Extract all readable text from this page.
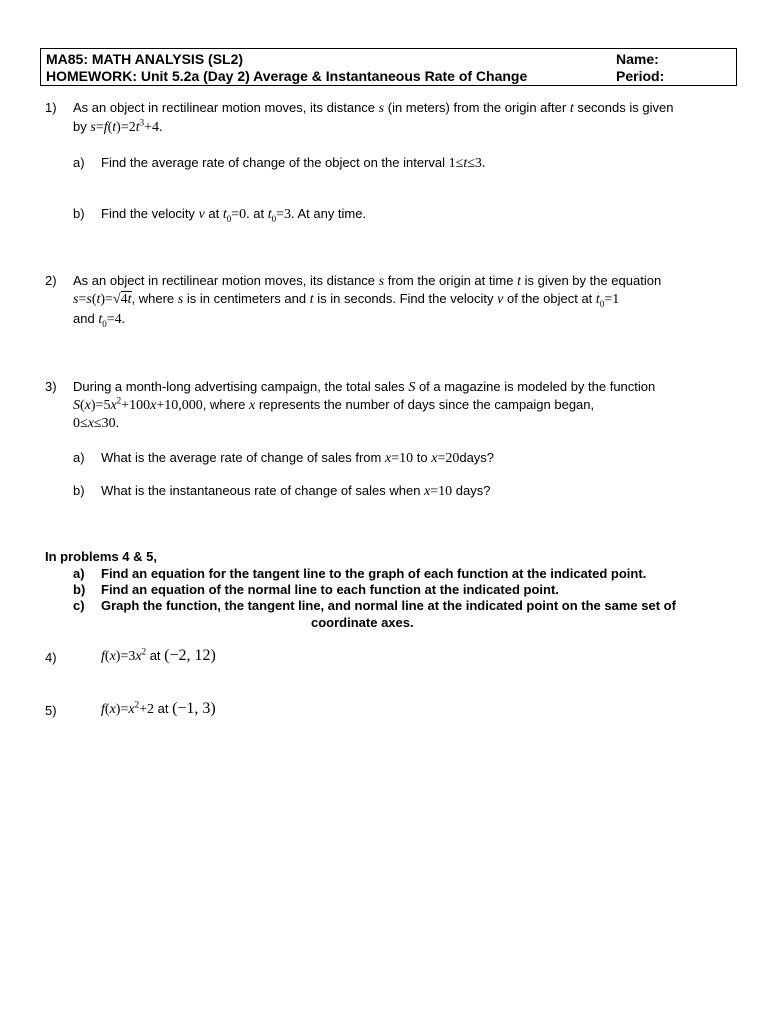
MA85: MATH ANALYSIS (SL2)
HOMEWORK: Unit 5.2a (Day 2) Average & Instantaneous Rate of Change
Name:
Period:
1) As an object in rectilinear motion moves, its distance s (in meters) from the origin after t seconds is given
by $s=f(t)=2t^3+4$.
a) Find the average rate of change of the object on the interval 1≤t≤3.
b) Find the velocity v at $t_0=0$. at $t_0=3$. At any time.
2) As an object in rectilinear motion moves, its distance s from the origin at time t is given by the equation
s=s(t)=√4t, where s is in centimeters and t is in seconds. Find the velocity v of the object at $t_0=1$
and $t_0=4$.
3) During a month-long advertising campaign, the total sales S of a magazine is modeled by the function
$S(x)=5x^2+100x+10,000$, where x represents the number of days since the campaign began,
0≤x≤30.
a) What is the average rate of change of sales from x=10 to x=20days?
b) What is the instantaneous rate of change of sales when x=10 days?
In problems 4 & 5,
a) Find an equation for the tangent line to the graph of each function at the indicated point.
b) Find an equation of the normal line to each function at the indicated point.
c) Graph the function, the tangent line, and normal line at the indicated point on the same set of
coordinate axes.
4)	$f(x)=3x^2$ at (−2, 12)
5)	$f(x)=x^2+2$ at (−1, 3)
